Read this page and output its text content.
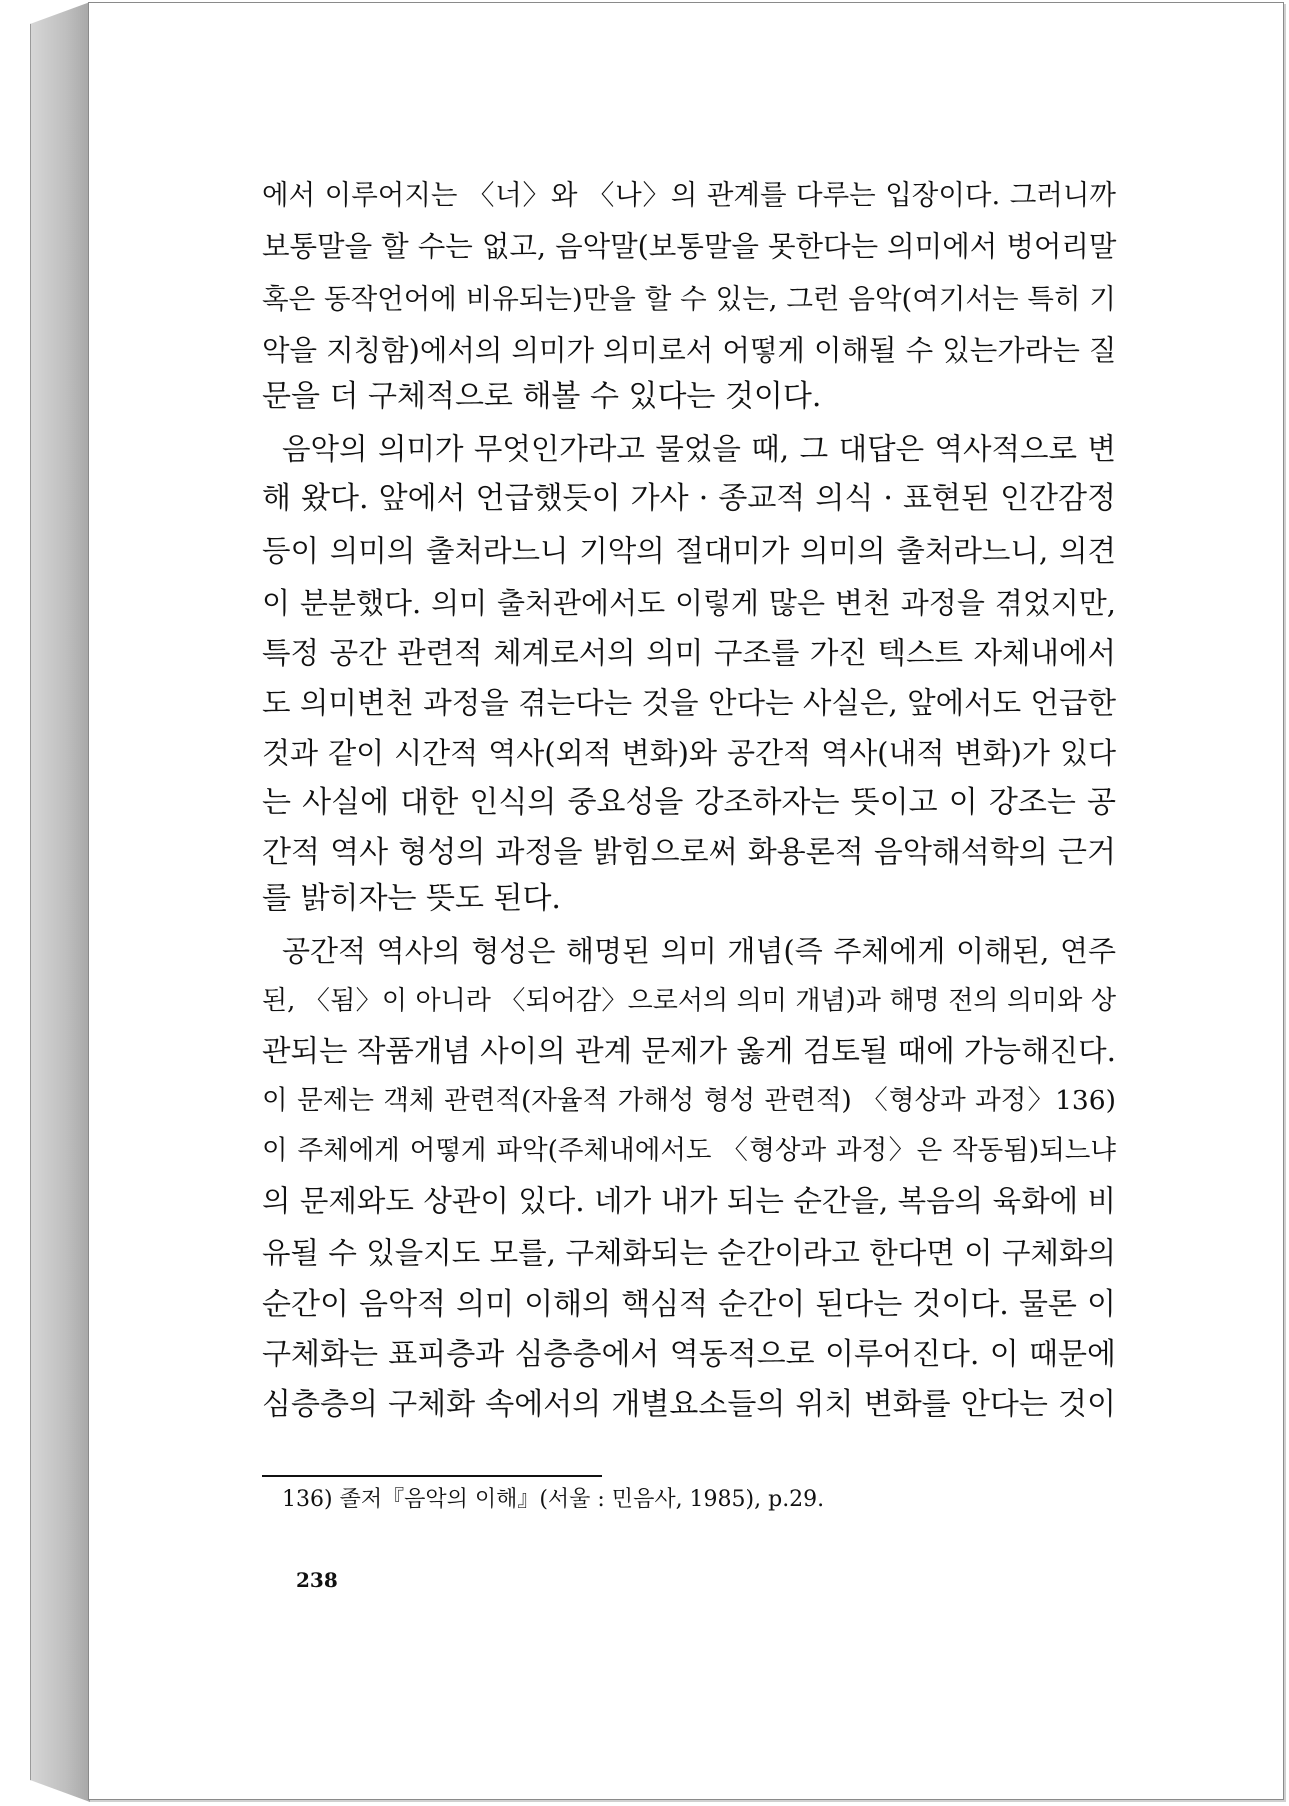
에서 이루어지는 〈너〉와 〈나〉의 관계를 다루는 입장이다. 그러니까
보통말을 할 수는 없고, 음악말(보통말을 못한다는 의미에서 벙어리말
혹은 동작언어에 비유되는)만을 할 수 있는, 그런 음악(여기서는 특히 기
악을 지칭함)에서의 의미가 의미로서 어떻게 이해될 수 있는가라는 질
문을 더 구체적으로 해볼 수 있다는 것이다.
음악의 의미가 무엇인가라고 물었을 때, 그 대답은 역사적으로 변
해 왔다. 앞에서 언급했듯이 가사 · 종교적 의식 · 표현된 인간감정
등이 의미의 출처라느니 기악의 절대미가 의미의 출처라느니, 의견
이 분분했다. 의미 출처관에서도 이렇게 많은 변천 과정을 겪었지만,
특정 공간 관련적 체계로서의 의미 구조를 가진 텍스트 자체내에서
도 의미변천 과정을 겪는다는 것을 안다는 사실은, 앞에서도 언급한
것과 같이 시간적 역사(외적 변화)와 공간적 역사(내적 변화)가 있다
는 사실에 대한 인식의 중요성을 강조하자는 뜻이고 이 강조는 공
간적 역사 형성의 과정을 밝힘으로써 화용론적 음악해석학의 근거
를 밝히자는 뜻도 된다.
공간적 역사의 형성은 해명된 의미 개념(즉 주체에게 이해된, 연주
된, 〈됨〉이 아니라 〈되어감〉으로서의 의미 개념)과 해명 전의 의미와 상
관되는 작품개념 사이의 관계 문제가 옳게 검토될 때에 가능해진다.
이 문제는 객체 관련적(자율적 가해성 형성 관련적) 〈형상과 과정〉136)
이 주체에게 어떻게 파악(주체내에서도 〈형상과 과정〉은 작동됨)되느냐
의 문제와도 상관이 있다. 네가 내가 되는 순간을, 복음의 육화에 비
유될 수 있을지도 모를, 구체화되는 순간이라고 한다면 이 구체화의
순간이 음악적 의미 이해의 핵심적 순간이 된다는 것이다. 물론 이
구체화는 표피층과 심층층에서 역동적으로 이루어진다. 이 때문에
심층층의 구체화 속에서의 개별요소들의 위치 변화를 안다는 것이
136) 졸저『음악의 이해』(서울 : 민음사, 1985), p.29.
238
